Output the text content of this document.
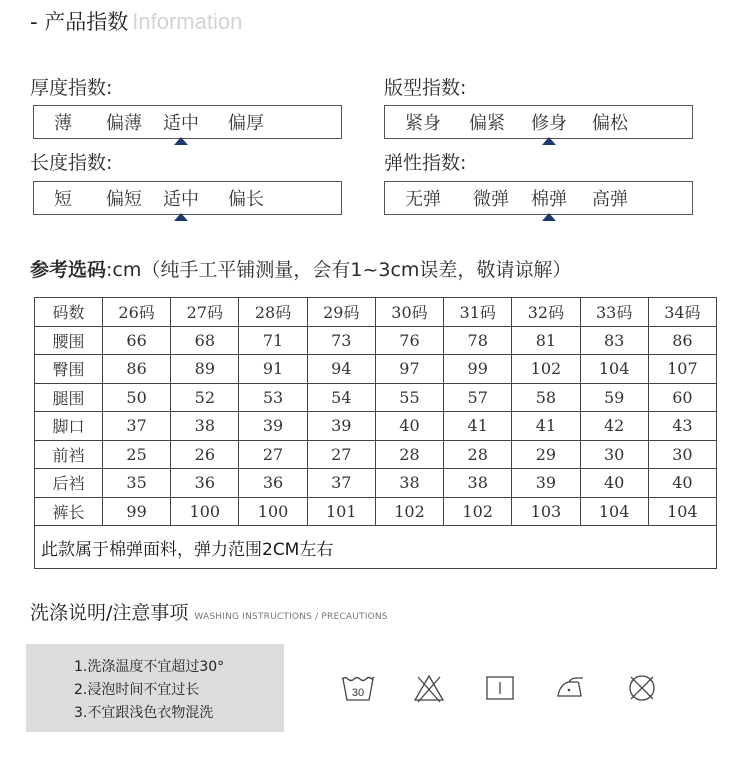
- 产品指数 Information
厚度指数:
薄 偏薄 适中 偏厚
版型指数:
紧身 偏紧 修身 偏松
长度指数:
短 偏短 适中 偏长
弹性指数:
无弹 微弹 棉弹 高弹
参考选码:cm（纯手工平铺测量，会有1~3cm误差，敬请谅解）
码数	26码	27码	28码	29码	30码	31码	32码	33码	34码
腰围	66	68	71	73	76	78	81	83	86
臀围	86	89	91	94	97	99	102	104	107
腿围	50	52	53	54	55	57	58	59	60
脚口	37	38	39	39	40	41	41	42	43
前裆	25	26	27	27	28	28	29	30	30
后裆	35	36	36	37	38	38	39	40	40
裤长	99	100	100	101	102	102	103	104	104
此款属于棉弹面料，弹力范围2CM左右									
洗涤说明/注意事项 WASHING INSTRUCTIONS / PRECAUTIONS
1.洗涤温度不宜超过30°
2.浸泡时间不宜过长
3.不宜跟浅色衣物混洗
30
